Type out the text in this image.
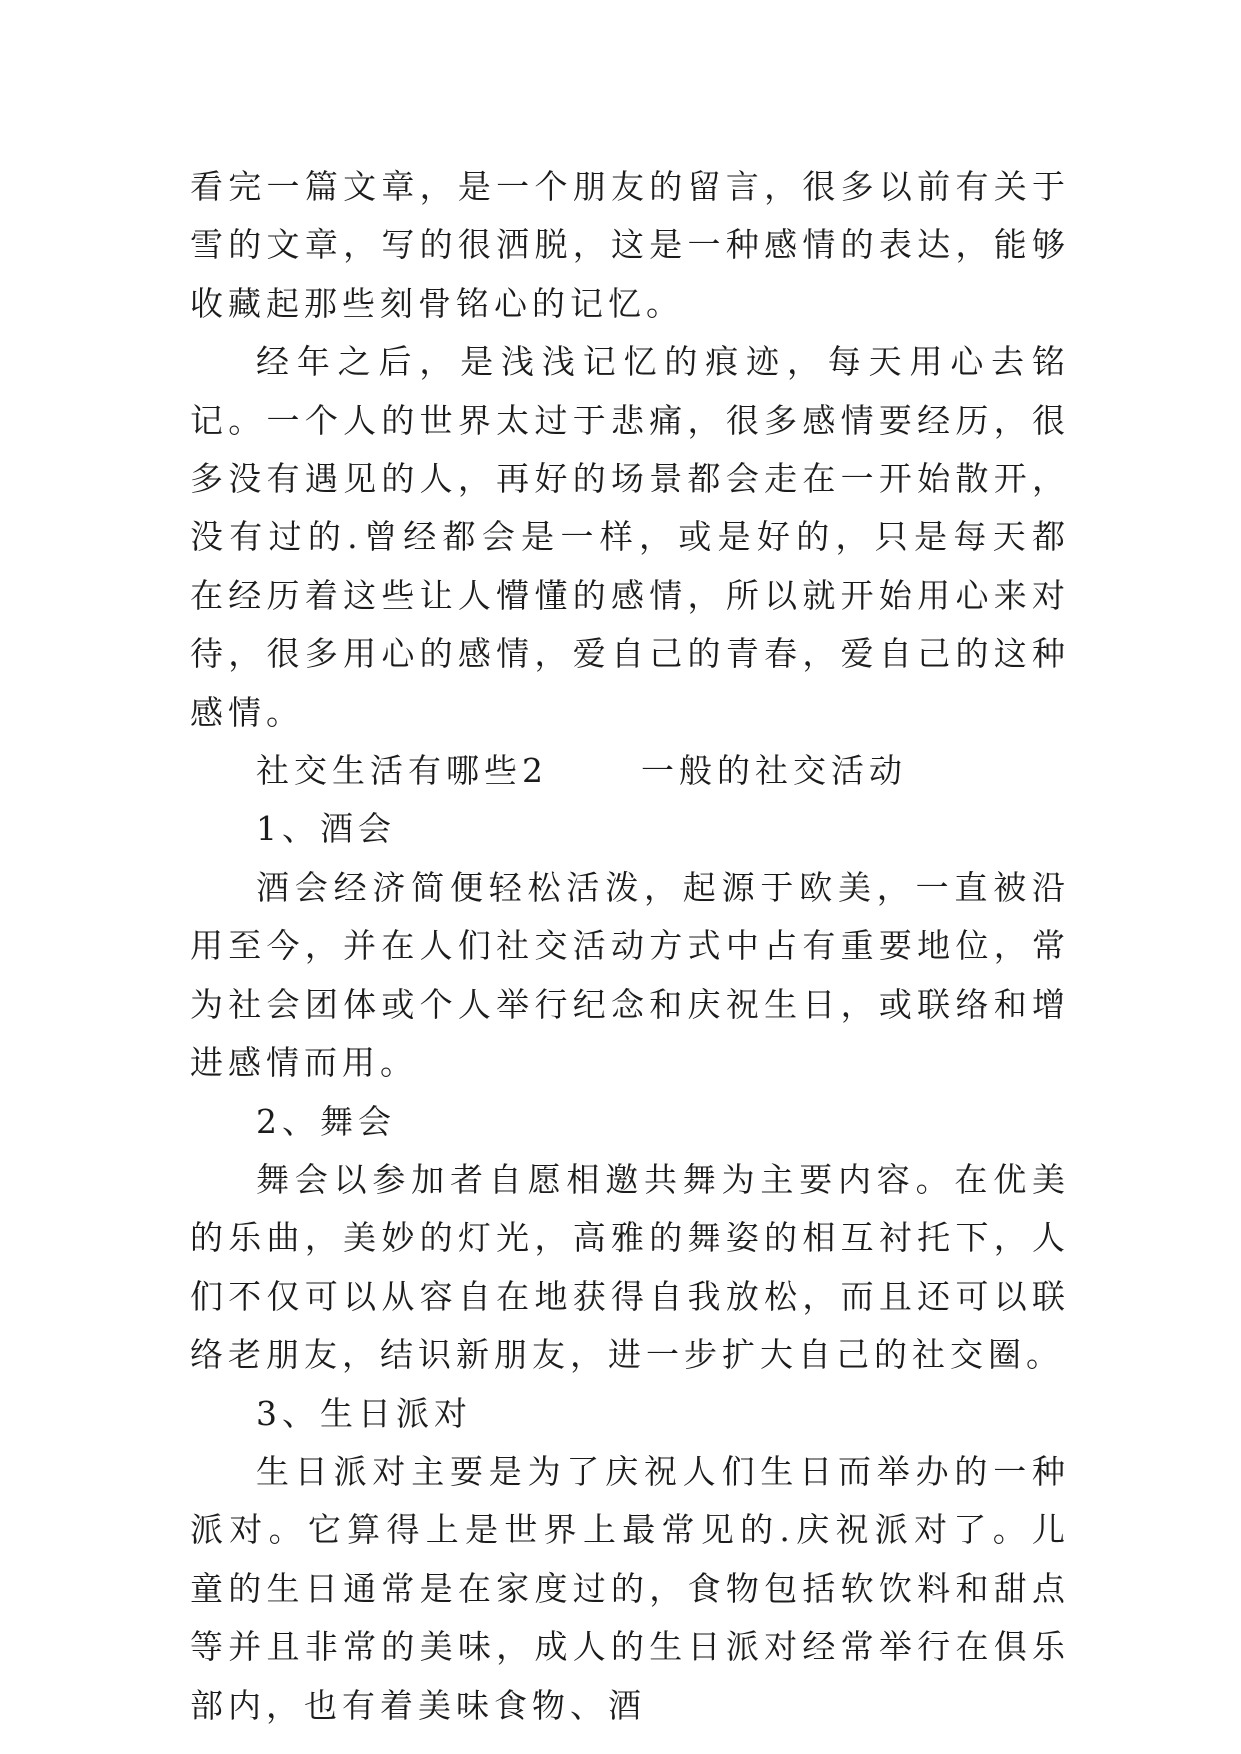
看完一篇文章，是一个朋友的留言，很多以前有关于雪的文章，写的很洒脱，这是一种感情的表达，能够收藏起那些刻骨铭心的记忆。

经年之后，是浅浅记忆的痕迹，每天用心去铭记。一个人的世界太过于悲痛，很多感情要经历，很多没有遇见的人，再好的场景都会走在一开始散开，没有过的.曾经都会是一样，或是好的，只是每天都在经历着这些让人懵懂的感情，所以就开始用心来对待，很多用心的感情，爱自己的青春，爱自己的这种感情。

社交生活有哪些2	一般的社交活动

1、酒会

酒会经济简便轻松活泼，起源于欧美，一直被沿用至今，并在人们社交活动方式中占有重要地位，常为社会团体或个人举行纪念和庆祝生日，或联络和增进感情而用。

2、舞会

舞会以参加者自愿相邀共舞为主要内容。在优美的乐曲，美妙的灯光，高雅的舞姿的相互衬托下，人们不仅可以从容自在地获得自我放松，而且还可以联络老朋友，结识新朋友，进一步扩大自己的社交圈。

3、生日派对

生日派对主要是为了庆祝人们生日而举办的一种派对。它算得上是世界上最常见的.庆祝派对了。儿童的生日通常是在家度过的，食物包括软饮料和甜点等并且非常的美味，成人的生日派对经常举行在俱乐部内，也有着美味食物、酒
